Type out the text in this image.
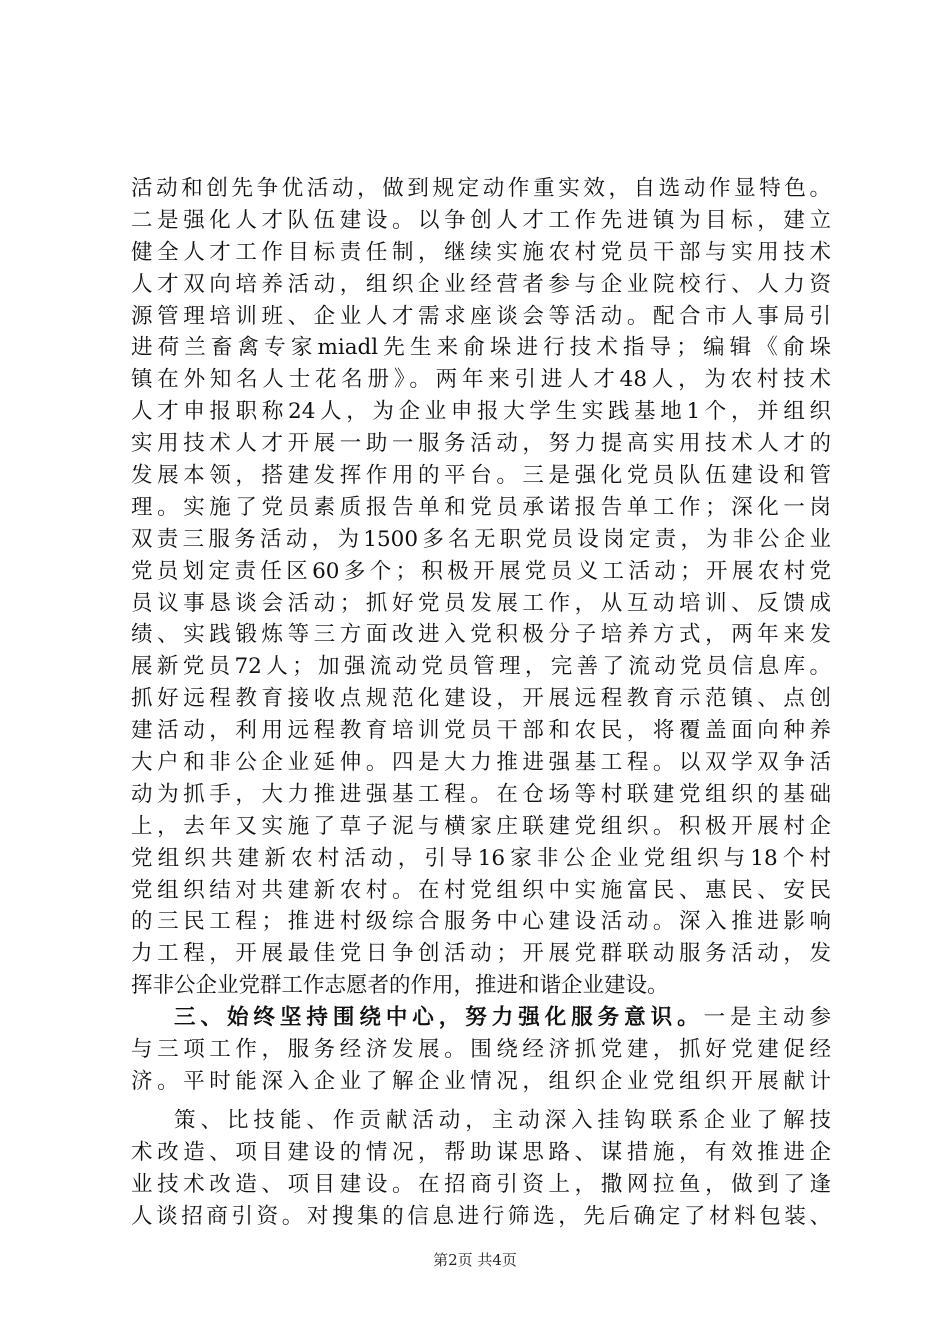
活动和创先争优活动，做到规定动作重实效，自选动作显特色。
二是强化人才队伍建设。以争创人才工作先进镇为目标，建立
健全人才工作目标责任制，继续实施农村党员干部与实用技术
人才双向培养活动，组织企业经营者参与企业院校行、人力资
源管理培训班、企业人才需求座谈会等活动。配合市人事局引
进荷兰畜禽专家miadl先生来俞垛进行技术指导；编辑《俞垛
镇在外知名人士花名册》。两年来引进人才48人，为农村技术
人才申报职称24人，为企业申报大学生实践基地1个，并组织
实用技术人才开展一助一服务活动，努力提高实用技术人才的
发展本领，搭建发挥作用的平台。三是强化党员队伍建设和管
理。实施了党员素质报告单和党员承诺报告单工作；深化一岗
双责三服务活动，为1500多名无职党员设岗定责，为非公企业
党员划定责任区60多个；积极开展党员义工活动；开展农村党
员议事恳谈会活动；抓好党员发展工作，从互动培训、反馈成
绩、实践锻炼等三方面改进入党积极分子培养方式，两年来发
展新党员72人；加强流动党员管理，完善了流动党员信息库。
抓好远程教育接收点规范化建设，开展远程教育示范镇、点创
建活动，利用远程教育培训党员干部和农民，将覆盖面向种养
大户和非公企业延伸。四是大力推进强基工程。以双学双争活
动为抓手，大力推进强基工程。在仓场等村联建党组织的基础
上，去年又实施了草子泥与横家庄联建党组织。积极开展村企
党组织共建新农村活动，引导16家非公企业党组织与18个村
党组织结对共建新农村。在村党组织中实施富民、惠民、安民
的三民工程；推进村级综合服务中心建设活动。深入推进影响
力工程，开展最佳党日争创活动；开展党群联动服务活动，发
挥非公企业党群工作志愿者的作用，推进和谐企业建设。
三、始终坚持围绕中心，努力强化服务意识。一是主动参
与三项工作，服务经济发展。围绕经济抓党建，抓好党建促经
济。平时能深入企业了解企业情况，组织企业党组织开展献计
策、比技能、作贡献活动，主动深入挂钩联系企业了解技
术改造、项目建设的情况，帮助谋思路、谋措施，有效推进企
业技术改造、项目建设。在招商引资上，撒网拉鱼，做到了逢
人谈招商引资。对搜集的信息进行筛选，先后确定了材料包装、
第2页 共4页
